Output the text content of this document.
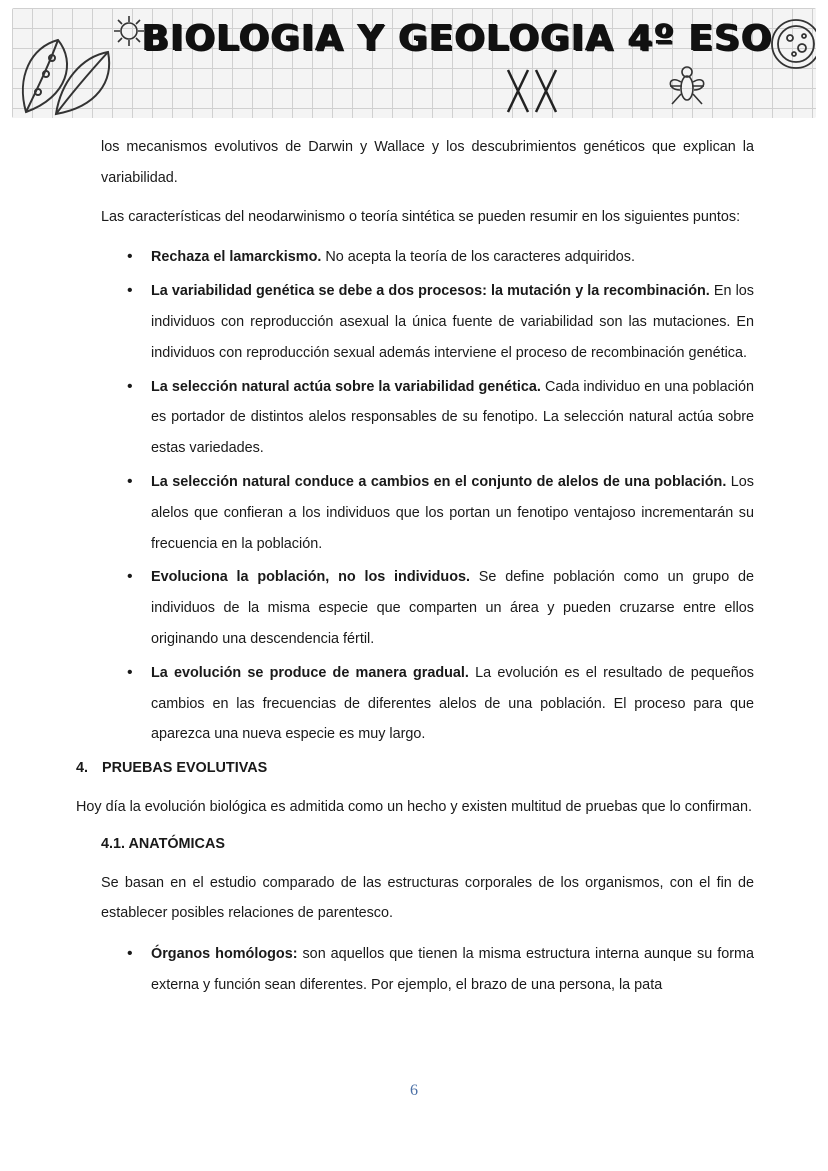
BIOLOGIA Y GEOLOGIA 4º ESO

los mecanismos evolutivos de Darwin y Wallace y los descubrimientos genéticos que explican la variabilidad.

Las características del neodarwinismo o teoría sintética se pueden resumir en los siguientes puntos:

• Rechaza el lamarckismo. No acepta la teoría de los caracteres adquiridos.
• La variabilidad genética se debe a dos procesos: la mutación y la recombinación. En los individuos con reproducción asexual la única fuente de variabilidad son las mutaciones. En individuos con reproducción sexual además interviene el proceso de recombinación genética.
• La selección natural actúa sobre la variabilidad genética. Cada individuo en una población es portador de distintos alelos responsables de su fenotipo. La selección natural actúa sobre estas variedades.
• La selección natural conduce a cambios en el conjunto de alelos de una población. Los alelos que confieran a los individuos que los portan un fenotipo ventajoso incrementarán su frecuencia en la población.
• Evoluciona la población, no los individuos. Se define población como un grupo de individuos de la misma especie que comparten un área y pueden cruzarse entre ellos originando una descendencia fértil.
• La evolución se produce de manera gradual. La evolución es el resultado de pequeños cambios en las frecuencias de diferentes alelos de una población. El proceso para que aparezca una nueva especie es muy largo.
4. PRUEBAS EVOLUTIVAS

Hoy día la evolución biológica es admitida como un hecho y existen multitud de pruebas que lo confirman.

4.1. ANATÓMICAS

Se basan en el estudio comparado de las estructuras corporales de los organismos, con el fin de establecer posibles relaciones de parentesco.

• Órganos homólogos: son aquellos que tienen la misma estructura interna aunque su forma externa y función sean diferentes. Por ejemplo, el brazo de una persona, la pata
6
